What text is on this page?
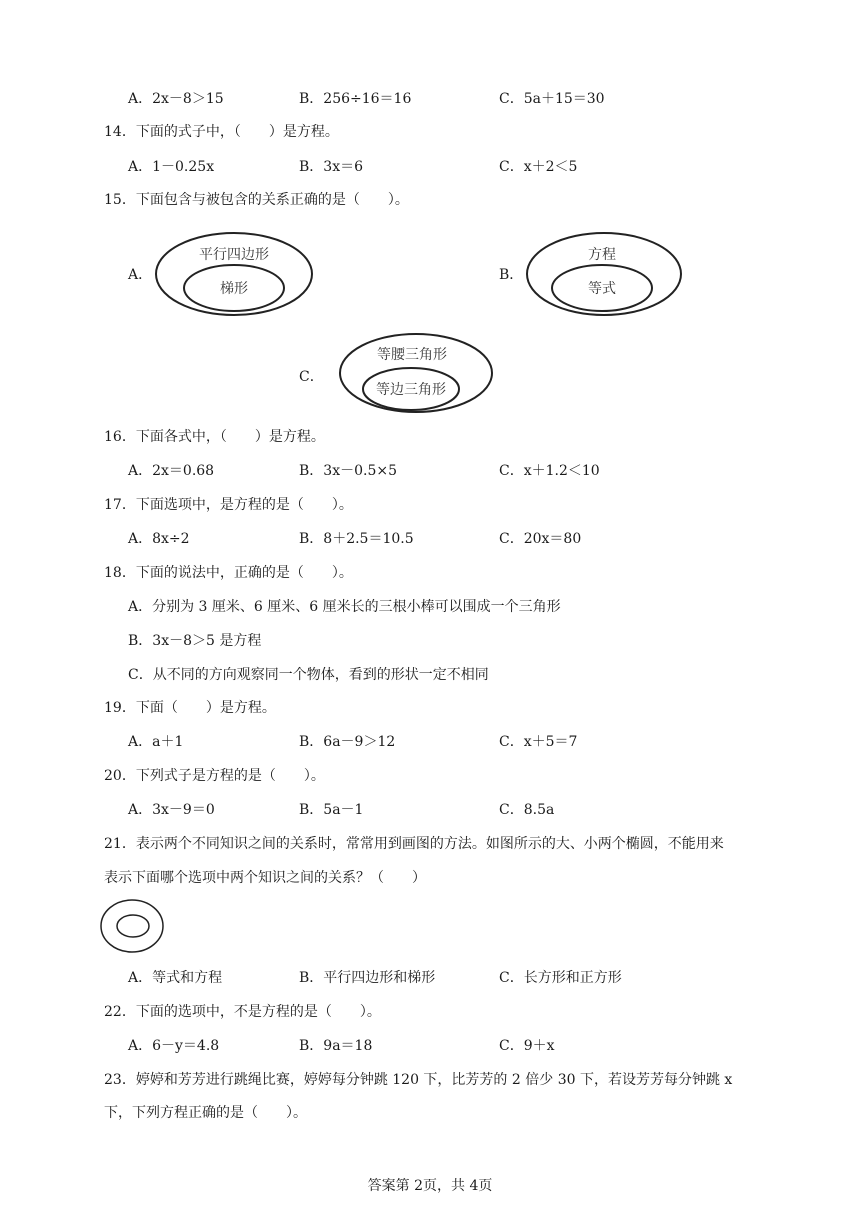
A．2x－8＞15	B．256÷16＝16	C．5a＋15＝30
14．下面的式子中，（　　）是方程。
A．1－0.25x	B．3x＝6	C．x＋2＜5
15．下面包含与被包含的关系正确的是（　　）。
A．
平行四边形
梯形
B．
方程
等式
C．
等腰三角形
等边三角形
16．下面各式中，（　　）是方程。
A．2x＝0.68	B．3x－0.5×5	C．x＋1.2＜10
17．下面选项中，是方程的是（　　）。
A．8x÷2	B．8＋2.5＝10.5	C．20x＝80
18．下面的说法中，正确的是（　　）。
A．分别为 3 厘米、6 厘米、6 厘米长的三根小棒可以围成一个三角形
B．3x－8＞5 是方程
C．从不同的方向观察同一个物体，看到的形状一定不相同
19．下面（　　）是方程。
A．a＋1	B．6a－9＞12	C．x＋5＝7
20．下列式子是方程的是（　　）。
A．3x－9＝0	B．5a－1	C．8.5a
21．表示两个不同知识之间的关系时，常常用到画图的方法。如图所示的大、小两个椭圆，不能用来
表示下面哪个选项中两个知识之间的关系？（　　）
A．等式和方程	B．平行四边形和梯形	C．长方形和正方形
22．下面的选项中，不是方程的是（　　）。
A．6－y＝4.8	B．9a＝18	C．9＋x
23．婷婷和芳芳进行跳绳比赛，婷婷每分钟跳 120 下，比芳芳的 2 倍少 30 下，若设芳芳每分钟跳 x
下，下列方程正确的是（　　）。
答案第 2页，共 4页
